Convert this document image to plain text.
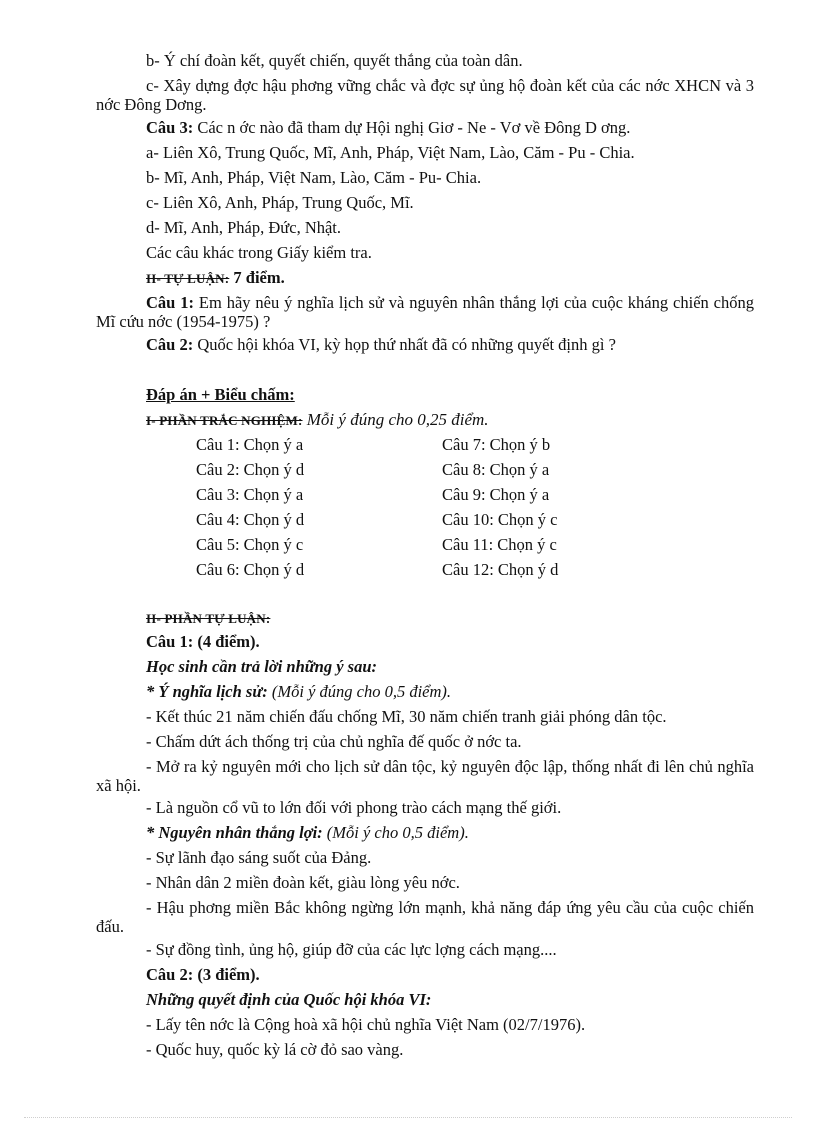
b- Ý chí đoàn kết, quyết chiến, quyết thắng của toàn dân.
c- Xây dựng đợc hậu phơng vững chắc và đợc sự ủng hộ đoàn kết của các nớc XHCN và 3 nớc Đông Dơng.
Câu 3: Các n ớc nào đã tham dự Hội nghị Giơ - Ne - Vơ về Đông D ơng.
a- Liên Xô, Trung Quốc, Mĩ, Anh, Pháp, Việt Nam, Lào, Căm - Pu - Chia.
b- Mĩ, Anh, Pháp, Việt Nam, Lào, Căm - Pu- Chia.
c- Liên Xô, Anh, Pháp, Trung Quốc, Mĩ.
d- Mĩ, Anh, Pháp, Đức, Nhật.
Các câu khác trong Giấy kiểm tra.
II- TỰ LUẬN: 7 điểm.
Câu 1: Em hãy nêu ý nghĩa lịch sử và nguyên nhân thắng lợi của cuộc kháng chiến chống Mĩ cứu nớc (1954-1975) ?
Câu 2: Quốc hội khóa VI, kỳ họp thứ nhất đã có những quyết định gì ?
Đáp án + Biểu chấm:
I- PHẦN TRẮC NGHIỆM: Mỗi ý đúng cho 0,25 điểm.
Câu 1: Chọn ý a
Câu 2: Chọn ý d
Câu 3: Chọn ý a
Câu 4: Chọn ý d
Câu 5: Chọn ý c
Câu 6: Chọn ý d
Câu 7: Chọn ý b
Câu 8: Chọn ý a
Câu 9: Chọn ý a
Câu 10: Chọn ý c
Câu 11: Chọn ý c
Câu 12: Chọn ý d
II- PHẦN TỰ LUẬN:
Câu 1: (4 điểm).
Học sinh cần trả lời những ý sau:
* Ý nghĩa lịch sử: (Mỗi ý đúng cho 0,5 điểm).
- Kết thúc 21 năm chiến đấu chống Mĩ, 30 năm chiến tranh giải phóng dân tộc.
- Chấm dứt ách thống trị của chủ nghĩa đế quốc ở nớc ta.
- Mở ra kỷ nguyên mới cho lịch sử dân tộc, kỷ nguyên độc lập, thống nhất đi lên chủ nghĩa xã hội.
- Là nguồn cổ vũ to lớn đối với phong trào cách mạng thế giới.
* Nguyên nhân thắng lợi: (Mỗi ý cho 0,5 điểm).
- Sự lãnh đạo sáng suốt của Đảng.
- Nhân dân 2 miền đoàn kết, giàu lòng yêu nớc.
- Hậu phơng miền Bắc không ngừng lớn mạnh, khả năng đáp ứng yêu cầu của cuộc chiến đấu.
- Sự đồng tình, ủng hộ, giúp đỡ của các lực lợng cách mạng....
Câu 2: (3 điểm).
Những quyết định của Quốc hội khóa VI:
- Lấy tên nớc là Cộng hoà xã hội chủ nghĩa Việt Nam (02/7/1976).
- Quốc huy, quốc kỳ lá cờ đỏ sao vàng.
